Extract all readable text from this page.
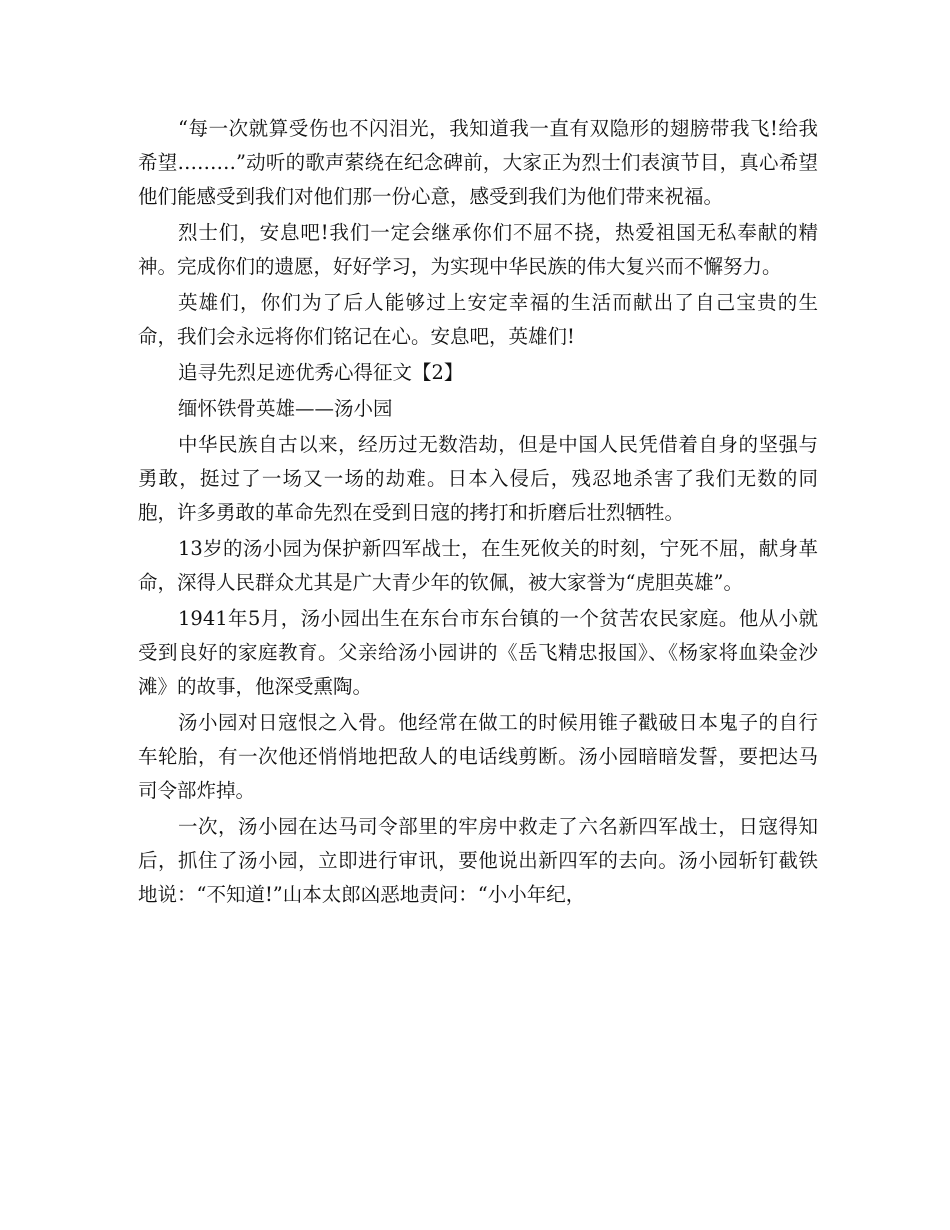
“每一次就算受伤也不闪泪光，我知道我一直有双隐形的翅膀带我飞!给我希望………”动听的歌声萦绕在纪念碑前，大家正为烈士们表演节目，真心希望他们能感受到我们对他们那一份心意，感受到我们为他们带来祝福。

烈士们，安息吧!我们一定会继承你们不屈不挠，热爱祖国无私奉献的精神。完成你们的遗愿，好好学习，为实现中华民族的伟大复兴而不懈努力。

英雄们，你们为了后人能够过上安定幸福的生活而献出了自己宝贵的生命，我们会永远将你们铭记在心。安息吧，英雄们!

追寻先烈足迹优秀心得征文【2】

缅怀铁骨英雄——汤小园

中华民族自古以来，经历过无数浩劫，但是中国人民凭借着自身的坚强与勇敢，挺过了一场又一场的劫难。日本入侵后，残忍地杀害了我们无数的同胞，许多勇敢的革命先烈在受到日寇的拷打和折磨后壮烈牺牲。

13岁的汤小园为保护新四军战士，在生死攸关的时刻，宁死不屈，献身革命，深得人民群众尤其是广大青少年的钦佩，被大家誉为“虎胆英雄”。

1941年5月，汤小园出生在东台市东台镇的一个贫苦农民家庭。他从小就受到良好的家庭教育。父亲给汤小园讲的《岳飞精忠报国》、《杨家将血染金沙滩》的故事，他深受熏陶。

汤小园对日寇恨之入骨。他经常在做工的时候用锥子戳破日本鬼子的自行车轮胎，有一次他还悄悄地把敌人的电话线剪断。汤小园暗暗发誓，要把达马司令部炸掉。

一次，汤小园在达马司令部里的牢房中救走了六名新四军战士，日寇得知后，抓住了汤小园，立即进行审讯，要他说出新四军的去向。汤小园斩钉截铁地说：“不知道!”山本太郎凶恶地责问：“小小年纪，
